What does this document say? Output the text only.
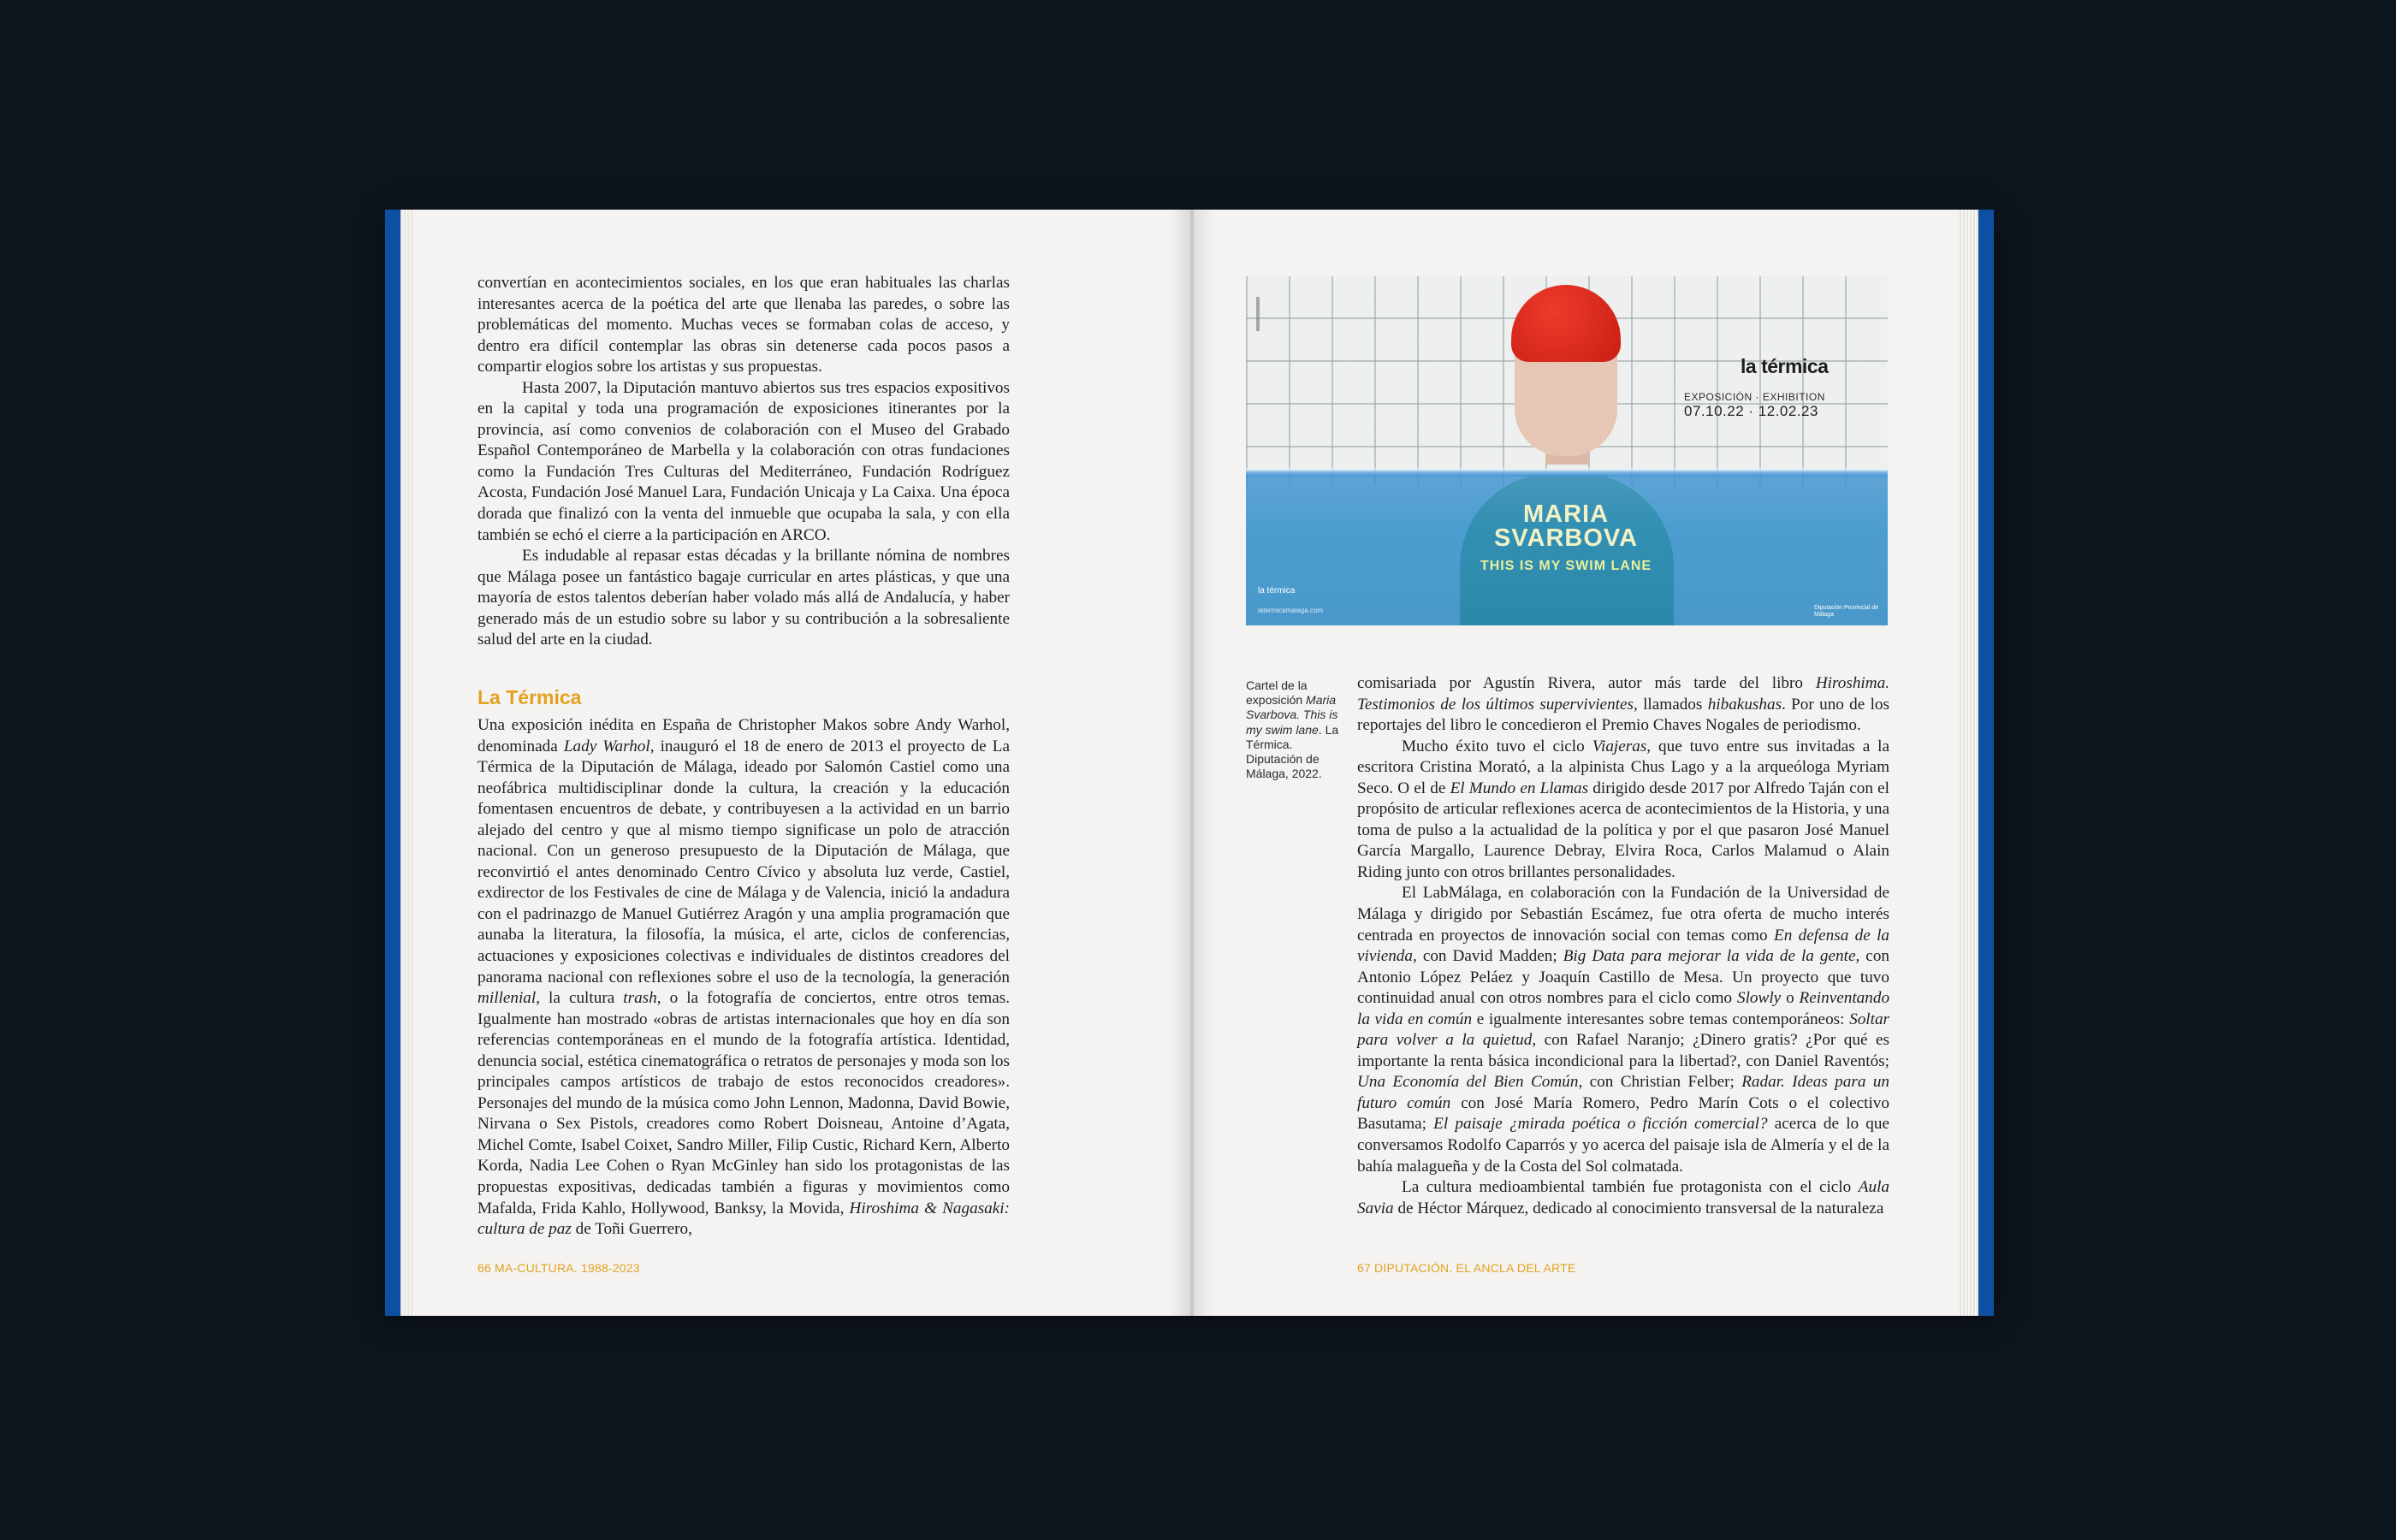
convertían en acontecimientos sociales, en los que eran habituales las charlas interesantes acerca de la poética del arte que llenaba las paredes, o sobre las problemáticas del momento. Muchas veces se formaban colas de acceso, y dentro era difícil contemplar las obras sin detenerse cada pocos pasos a compartir elogios sobre los artistas y sus propuestas.

Hasta 2007, la Diputación mantuvo abiertos sus tres espacios expositivos en la capital y toda una programación de exposiciones itinerantes por la provincia, así como convenios de colaboración con el Museo del Grabado Español Contemporáneo de Marbella y la colaboración con otras fundaciones como la Fundación Tres Culturas del Mediterráneo, Fundación Rodríguez Acosta, Fundación José Manuel Lara, Fundación Unicaja y La Caixa. Una época dorada que finalizó con la venta del inmueble que ocupaba la sala, y con ella también se echó el cierre a la participación en ARCO.

Es indudable al repasar estas décadas y la brillante nómina de nombres que Málaga posee un fantástico bagaje curricular en artes plásticas, y que una mayoría de estos talentos deberían haber volado más allá de Andalucía, y haber generado más de un estudio sobre su labor y su contribución a la sobresaliente salud del arte en la ciudad.

La Térmica

Una exposición inédita en España de Christopher Makos sobre Andy Warhol, denominada Lady Warhol, inauguró el 18 de enero de 2013 el proyecto de La Térmica de la Diputación de Málaga, ideado por Salomón Castiel como una neofábrica multidisciplinar donde la cultura, la creación y la educación fomentasen encuentros de debate, y contribuyesen a la actividad en un barrio alejado del centro y que al mismo tiempo significase un polo de atracción nacional. Con un generoso presupuesto de la Diputación de Málaga, que reconvirtió el antes denominado Centro Cívico y absoluta luz verde, Castiel, exdirector de los Festivales de cine de Málaga y de Valencia, inició la andadura con el padrinazgo de Manuel Gutiérrez Aragón y una amplia programación que aunaba la literatura, la filosofía, la música, el arte, ciclos de conferencias, actuaciones y exposiciones colectivas e individuales de distintos creadores del panorama nacional con reflexiones sobre el uso de la tecnología, la generación millenial, la cultura trash, o la fotografía de conciertos, entre otros temas. Igualmente han mostrado «obras de artistas internacionales que hoy en día son referencias contemporáneas en el mundo de la fotografía artística. Identidad, denuncia social, estética cinematográfica o retratos de personajes y moda son los principales campos artísticos de trabajo de estos reconocidos creadores». Personajes del mundo de la música como John Lennon, Madonna, David Bowie, Nirvana o Sex Pistols, creadores como Robert Doisneau, Antoine d’Agata, Michel Comte, Isabel Coixet, Sandro Miller, Filip Custic, Richard Kern, Alberto Korda, Nadia Lee Cohen o Ryan McGinley han sido los protagonistas de las propuestas expositivas, dedicadas también a figuras y movimientos como Mafalda, Frida Kahlo, Hollywood, Banksy, la Movida, Hiroshima & Nagasaki: cultura de paz de Toñi Guerrero,

66 MA-CULTURA. 1988-2023
la térmica
EXPOSICIÓN · EXHIBITION
07.10.22 · 12.02.23
MARIA
SVARBOVA
THIS IS MY SWIM LANE
la térmica
latermicamalaga.com	Diputación Provincial de Málaga
Cartel de la exposición Maria Svarbova. This is my swim lane. La Térmica. Diputación de Málaga, 2022.

comisariada por Agustín Rivera, autor más tarde del libro Hiroshima. Testimonios de los últimos supervivientes, llamados hibakushas. Por uno de los reportajes del libro le concedieron el Premio Chaves Nogales de periodismo.

Mucho éxito tuvo el ciclo Viajeras, que tuvo entre sus invitadas a la escritora Cristina Morató, a la alpinista Chus Lago y a la arqueóloga Myriam Seco. O el de El Mundo en Llamas dirigido desde 2017 por Alfredo Taján con el propósito de articular reflexiones acerca de acontecimientos de la Historia, y una toma de pulso a la actualidad de la política y por el que pasaron José Manuel García Margallo, Laurence Debray, Elvira Roca, Carlos Malamud o Alain Riding junto con otros brillantes personalidades.

El LabMálaga, en colaboración con la Fundación de la Universidad de Málaga y dirigido por Sebastián Escámez, fue otra oferta de mucho interés centrada en proyectos de innovación social con temas como En defensa de la vivienda, con David Madden; Big Data para mejorar la vida de la gente, con Antonio López Peláez y Joaquín Castillo de Mesa. Un proyecto que tuvo continuidad anual con otros nombres para el ciclo como Slowly o Reinventando la vida en común e igualmente interesantes sobre temas contemporáneos: Soltar para volver a la quietud, con Rafael Naranjo; ¿Dinero gratis? ¿Por qué es importante la renta básica incondicional para la libertad?, con Daniel Raventós; Una Economía del Bien Común, con Christian Felber; Radar. Ideas para un futuro común con José María Romero, Pedro Marín Cots o el colectivo Basutama; El paisaje ¿mirada poética o ficción comercial? acerca de lo que conversamos Rodolfo Caparrós y yo acerca del paisaje isla de Almería y el de la bahía malagueña y de la Costa del Sol colmatada.

La cultura medioambiental también fue protagonista con el ciclo Aula Savia de Héctor Márquez, dedicado al conocimiento transversal de la naturaleza

67 DIPUTACIÓN. EL ANCLA DEL ARTE
